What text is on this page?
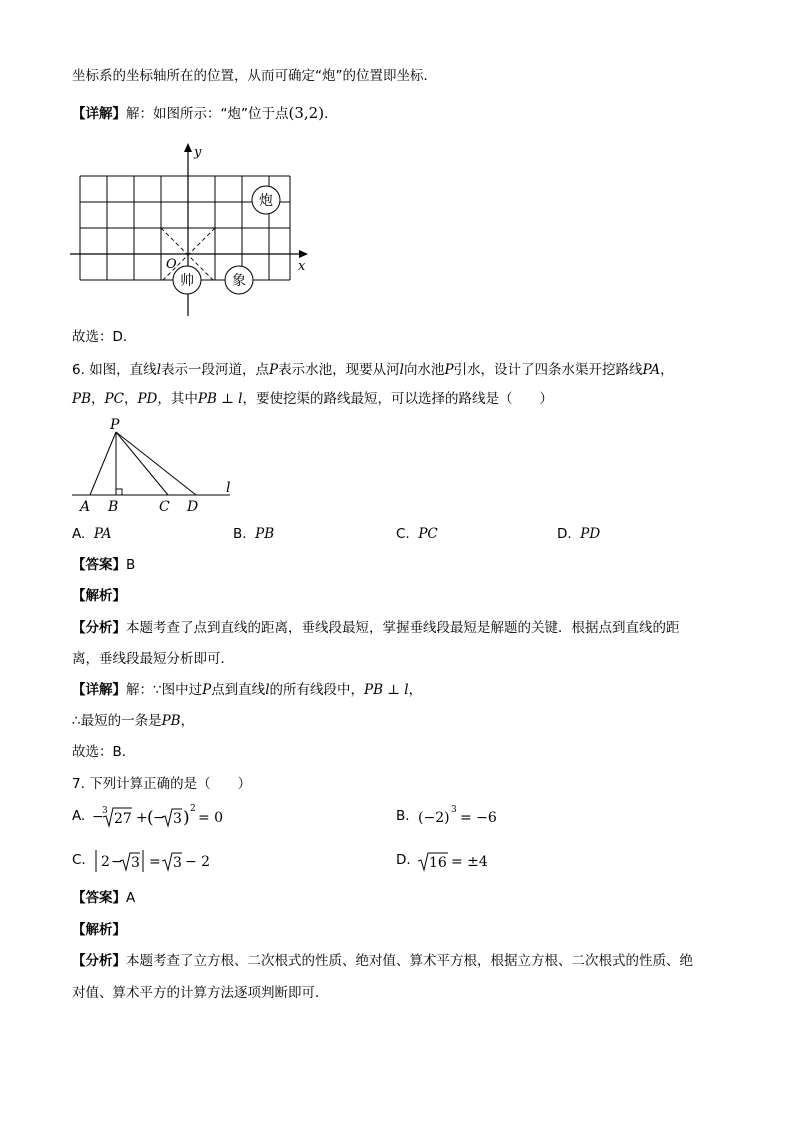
坐标系的坐标轴所在的位置，从而可确定“炮”的位置即坐标．
【详解】解：如图所示：“炮”位于点(3,2)．
y
x
O
炮
帅	象
故选：D．
6. 如图，直线l表示一段河道，点P表示水池，现要从河l向水池P引水，设计了四条水渠开挖路线PA，
PB，PC，PD，其中PB ⊥ l，要使挖渠的路线最短，可以选择的路线是（　　）
P
A B	C D
l
A. PA	B. PB	C. PC	D. PD
【答案】B
【解析】
【分析】本题考查了点到直线的距离，垂线段最短，掌握垂线段最短是解题的关键．根据点到直线的距
离，垂线段最短分析即可．
【详解】解：∵图中过P点到直线l的所有线段中，PB ⊥ l，
∴最短的一条是PB，
故选：B．
7. 下列计算正确的是（　　）
A. −
3 27 + ( − 3 ) 2
= 0	B. (−2) 3 = −6
C. 2 − 3 = 3 − 2	D. 16 = ±4
【答案】A
【解析】
【分析】本题考查了立方根、二次根式的性质、绝对值、算术平方根，根据立方根、二次根式的性质、绝
对值、算术平方的计算方法逐项判断即可．
